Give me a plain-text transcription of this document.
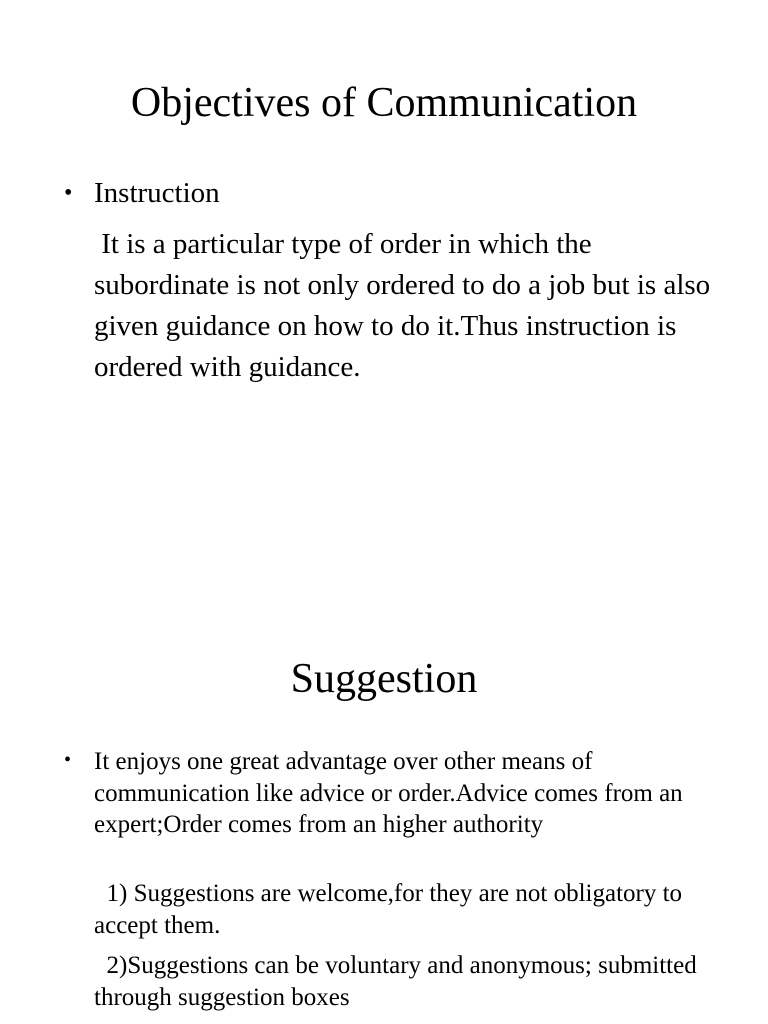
Objectives of Communication
• Instruction

It is a particular type of order in which the subordinate is not only ordered to do a job but is also given guidance on how to do it.Thus instruction is ordered with guidance.

Suggestion
• It enjoys one great advantage over other means of communication like advice or order.Advice comes from an expert;Order comes from an higher authority

1) Suggestions are welcome,for they are not obligatory to accept them.

2)Suggestions can be voluntary and anonymous; submitted through suggestion boxes
